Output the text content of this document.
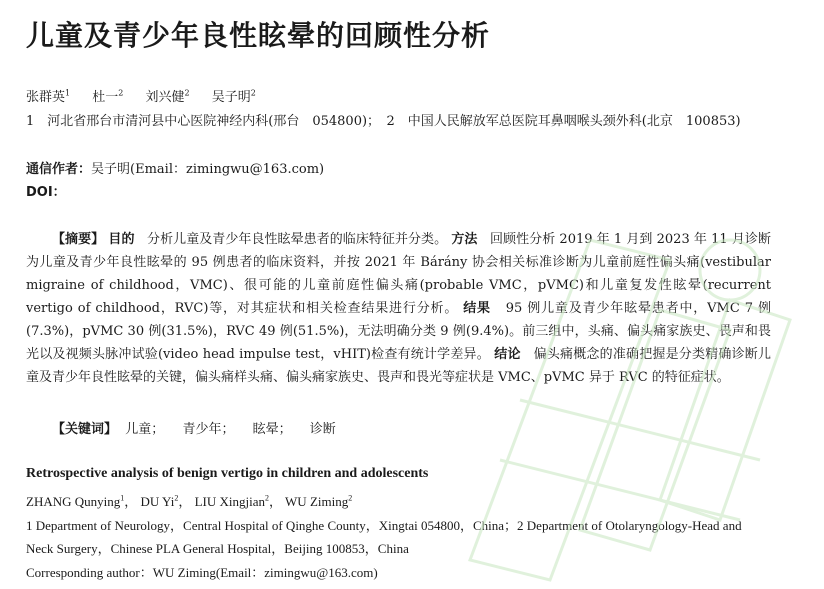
儿童及青少年良性眩晕的回顾性分析
张群英$^1$ 杜一$^2$ 刘兴健$^2$ 吴子明$^2$
1　河北省邢台市清河县中心医院神经内科(邢台　054800)；　2　中国人民解放军总医院耳鼻咽喉头颈外科(北京　100853)
通信作者：吴子明(Email：zimingwu@163.com)
DOI：
【摘要】 目的 分析儿童及青少年良性眩晕患者的临床特征并分类。 方法 回顾性分析 2019 年 1 月到 2023 年 11 月诊断为儿童及青少年良性眩晕的 95 例患者的临床资料，并按 2021 年 Bárány 协会相关标准诊断为儿童前庭性偏头痛(vestibular migraine of childhood，VMC)、很可能的儿童前庭性偏头痛(probable VMC，pVMC)和儿童复发性眩晕(recurrent vertigo of childhood，RVC)等，对其症状和相关检查结果进行分析。 结果 95 例儿童及青少年眩晕患者中，VMC 7 例(7.3%)，pVMC 30 例(31.5%)，RVC 49 例(51.5%)，无法明确分类 9 例(9.4%)。前三组中，头痛、偏头痛家族史、畏声和畏光以及视频头脉冲试验(video head impulse test，vHIT)检查有统计学差异。 结论 偏头痛概念的准确把握是分类精确诊断儿童及青少年良性眩晕的关键，偏头痛样头痛、偏头痛家族史、畏声和畏光等症状是 VMC、pVMC 异于 RVC 的特征症状。
【关键词】 儿童； 青少年； 眩晕； 诊断
Retrospective analysis of benign vertigo in children and adolescents
ZHANG Qunying$^1$， DU Yi$^2$， LIU Xingjian$^2$， WU Ziming$^2$
1 Department of Neurology，Central Hospital of Qinghe County，Xingtai 054800，China；2 Department of Otolaryngology-Head and Neck Surgery，Chinese PLA General Hospital，Beijing 100853，China
Corresponding author：WU Ziming(Email：zimingwu@163.com)
